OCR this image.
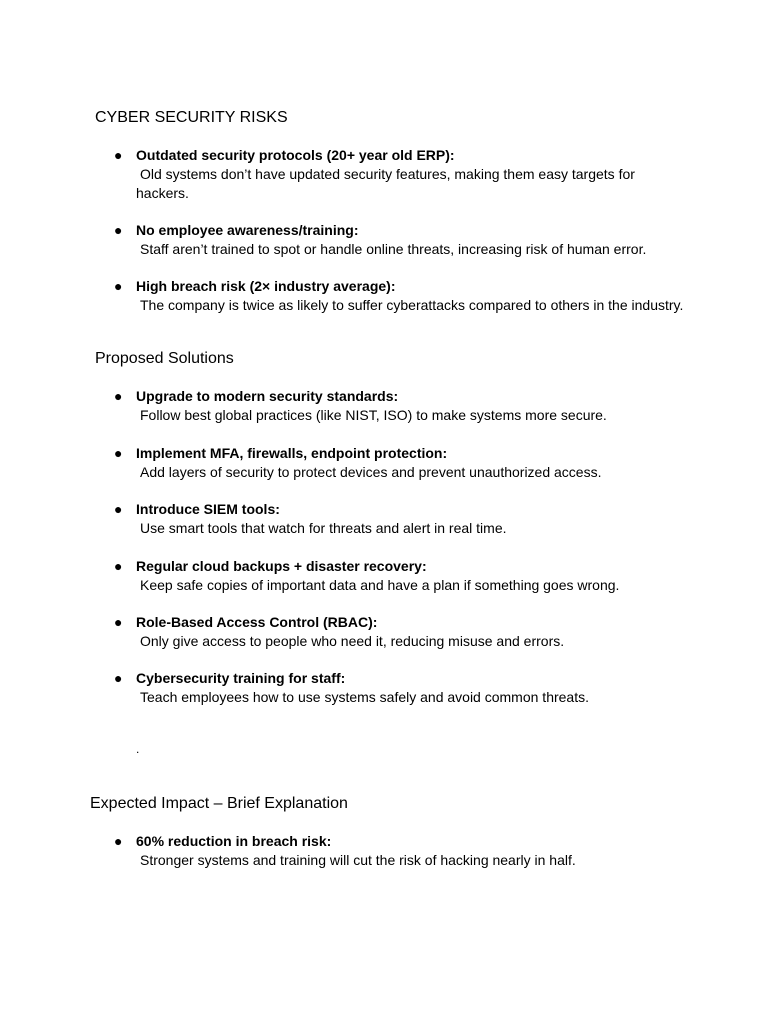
CYBER SECURITY RISKS
● Outdated security protocols (20+ year old ERP):
Old systems don’t have updated security features, making them easy targets for hackers.
● No employee awareness/training:
Staff aren’t trained to spot or handle online threats, increasing risk of human error.
● High breach risk (2× industry average):
The company is twice as likely to suffer cyberattacks compared to others in the industry.
Proposed Solutions
● Upgrade to modern security standards:
Follow best global practices (like NIST, ISO) to make systems more secure.
● Implement MFA, firewalls, endpoint protection:
Add layers of security to protect devices and prevent unauthorized access.
● Introduce SIEM tools:
Use smart tools that watch for threats and alert in real time.
● Regular cloud backups + disaster recovery:
Keep safe copies of important data and have a plan if something goes wrong.
● Role-Based Access Control (RBAC):
Only give access to people who need it, reducing misuse and errors.
● Cybersecurity training for staff:
Teach employees how to use systems safely and avoid common threats.
.
Expected Impact – Brief Explanation
● 60% reduction in breach risk:
Stronger systems and training will cut the risk of hacking nearly in half.
